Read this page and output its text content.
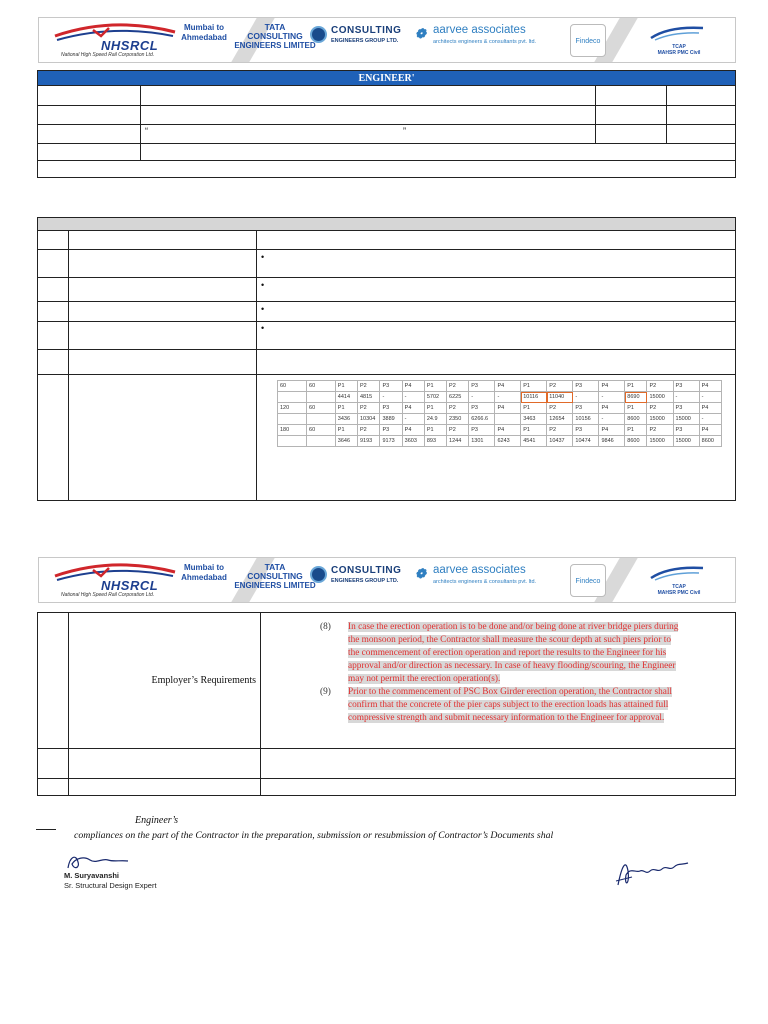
NHSRCL
National High Speed Rail Corporation Ltd.
Mumbai to
Ahmedabad
TATA
CONSULTING
ENGINEERS LIMITED
CONSULTING
ENGINEERS GROUP LTD. ❁ aarvee associates
architects engineers & consultants pvt. ltd.	Findeco
TCAP
MAHSR PMC Civil
ENGINEER'			

	“ ”		

		•
		•
		•
		•

60	60	P1	P2	P3	P4	P1	P2	P3	P4	P1	P2	P3	P4	P1	P2	P3	P4
		4414	4815	-	-	5702	6225	-	-	10116	11040	-	-	8690	15000	-	-
120	60	P1	P2	P3	P4	P1	P2	P3	P4	P1	P2	P3	P4	P1	P2	P3	P4
		3436	10304	3889	-	24.9	2350	6266.6		3463	12654	10156	-	8600	15000	15000	-
180	60	P1	P2	P3	P4	P1	P2	P3	P4	P1	P2	P3	P4	P1	P2	P3	P4
		3646	9193	9173	3603	893	1244	1301	6243	4541	10437	10474	9846	8600	15000	15000	8600
NHSRCL
National High Speed Rail Corporation Ltd.
Mumbai to
Ahmedabad
TATA
CONSULTING
ENGINEERS LIMITED
CONSULTING
ENGINEERS GROUP LTD. ❁ aarvee associates
architects engineers & consultants pvt. ltd.	Findeco
TCAP
MAHSR PMC Civil
	Employer’s Requirements	

(8) In case the erection operation is to be done and/or being done at river bridge piers during
the monsoon period, the Contractor shall measure the scour depth at such piers prior to
the commencement of erection operation and report the results to the Engineer for his
approval and/or direction as necessary. In case of heavy flooding/scouring, the Engineer
may not permit the erection operation(s).
(9) Prior to the commencement of PSC Box Girder erection operation, the Contractor shall
confirm that the concrete of the pier caps subject to the erection loads has attained full
compressive strength and submit necessary information to the Engineer for approval.
Engineer’s
compliances on the part of the Contractor in the preparation, submission or resubmission of Contractor’s Documents shal
M. Suryavanshi
Sr. Structural Design Expert
